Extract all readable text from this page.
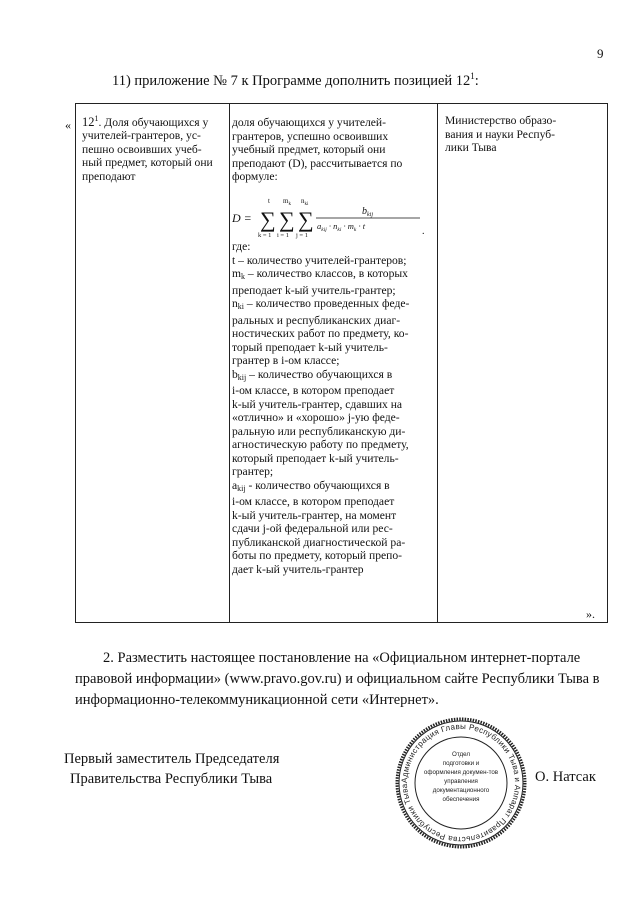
9
11) приложение № 7 к Программе дополнить позицией $12^1$:
«
».
$12^1$. Доля обучающихся у
учителей-грантеров, ус-
пешно освоивших учеб-
ный предмет, который они
преподают
доля обучающихся у учителей-
грантеров, успешно освоивших
учебный предмет, который они
преподают (D), рассчитывается по
формуле:
D =
t
∑
k = 1
$m_k$
∑
i = 1
$n_{ki}$
∑
j = 1
$b_{kij}$
$a_{kij} \cdot n_{ki} \cdot m_k \cdot t$	.
где:
t – количество учителей-грантеров;
$m_k$ – количество классов, в которых
преподает k-ый учитель-грантер;
$n_{ki}$ – количество проведенных феде-
ральных и республиканских диаг-
ностических работ по предмету, ко-
торый преподает k-ый учитель-
грантер в i-ом классе;
$b_{kij}$ – количество обучающихся в
i-ом классе, в котором преподает
k-ый учитель-грантер, сдавших на
«отлично» и «хорошо» j-ую феде-
ральную или республиканскую ди-
агностическую работу по предмету,
который преподает k-ый учитель-
грантер;
$a_{kij}$ - количество обучающихся в
i-ом классе, в котором преподает
k-ый учитель-грантер, на момент
сдачи j-ой федеральной или рес-
публиканской диагностической ра-
боты по предмету, который препо-
дает k-ый учитель-грантер
Министерство образо-
вания и науки Респуб-
лики Тыва
2. Разместить настоящее постановление на «Официальном интернет-портале
правовой информации» (www.pravo.gov.ru) и официальном сайте Республики Тыва в
информационно-телекоммуникационной сети «Интернет».
Первый заместитель Председателя
Правительства Республики Тыва	Администрация Главы Республики Тыва и Аппарат Правительства Республики Тыва
Отдел
подготовки и
оформления докумен-тов
управления
документационного
обеспечения
О. Натсак
